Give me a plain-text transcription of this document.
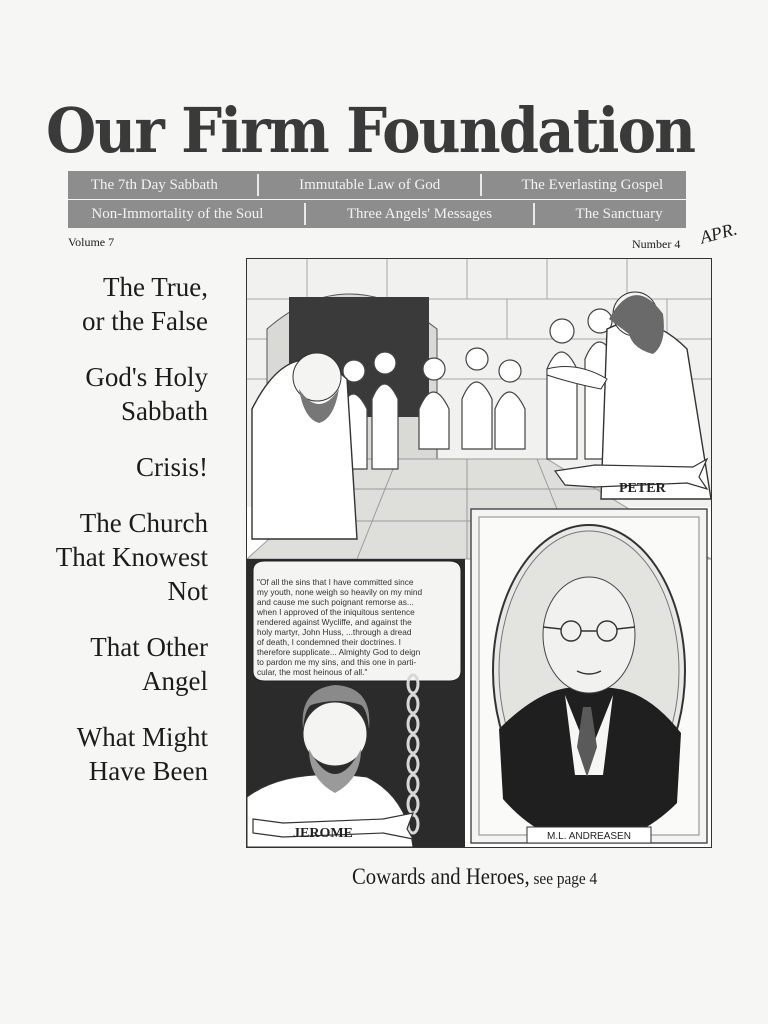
Our Firm Foundation
The 7th Day Sabbath	Immutable Law of God	The Everlasting Gospel
Non-Immortality of the Soul	Three Angels' Messages	The Sanctuary
Volume 7	Number 4 APR.
The True,
or the False
God's Holy
Sabbath
Crisis!
The Church
That Knowest
Not
That Other
Angel
What Might
Have Been
PETER
"Of all the sins that I have committed since
my youth, none weigh so heavily on my mind
and cause me such poignant remorse as...
when I approved of the iniquitous sentence
rendered against Wycliffe, and against the
holy martyr, John Huss, ...through a dread
of death, I condemned their doctrines. I
therefore supplicate... Almighty God to deign
to pardon me my sins, and this one in parti-
cular, the most heinous of all."
JEROME	M.L. ANDREASEN
Cowards and Heroes, see page 4
